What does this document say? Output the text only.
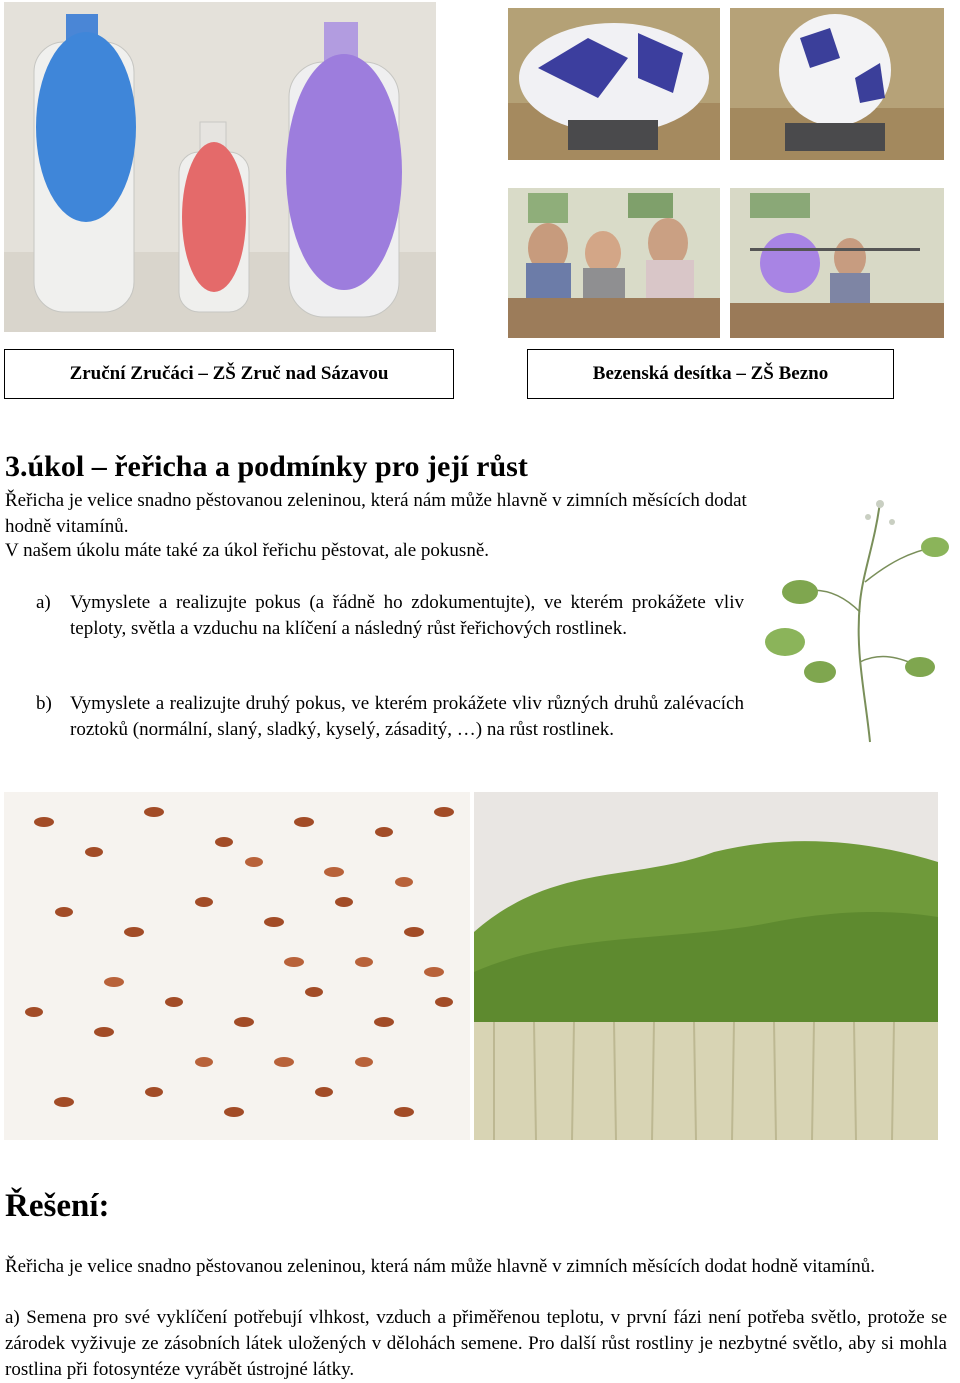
Zruční Zručáci – ZŠ Zruč nad Sázavou	Bezenská desítka – ZŠ Bezno
3.úkol – řeřicha a podmínky pro její růst
Řeřicha je velice snadno pěstovanou zeleninou, která nám může hlavně v zimních měsících dodat hodně vitamínů.
V našem úkolu máte také za úkol řeřichu pěstovat, ale pokusně.
a) Vymyslete a realizujte pokus (a řádně ho zdokumentujte), ve kterém prokážete vliv teploty, světla a vzduchu na klíčení a následný růst řeřichových rostlinek.
b) Vymyslete a realizujte druhý pokus, ve kterém prokážete vliv různých druhů zalévacích roztoků (normální, slaný, sladký, kyselý, zásaditý, …) na růst rostlinek.
Řešení:
Řeřicha je velice snadno pěstovanou zeleninou, která nám může hlavně v zimních měsících dodat hodně vitamínů.
a) Semena pro své vyklíčení potřebují vlhkost, vzduch a přiměřenou teplotu, v první fázi není potřeba světlo, protože se zárodek vyživuje ze zásobních látek uložených v dělohách semene. Pro další růst rostliny je nezbytné světlo, aby si mohla rostlina při fotosyntéze vyrábět ústrojné látky.
